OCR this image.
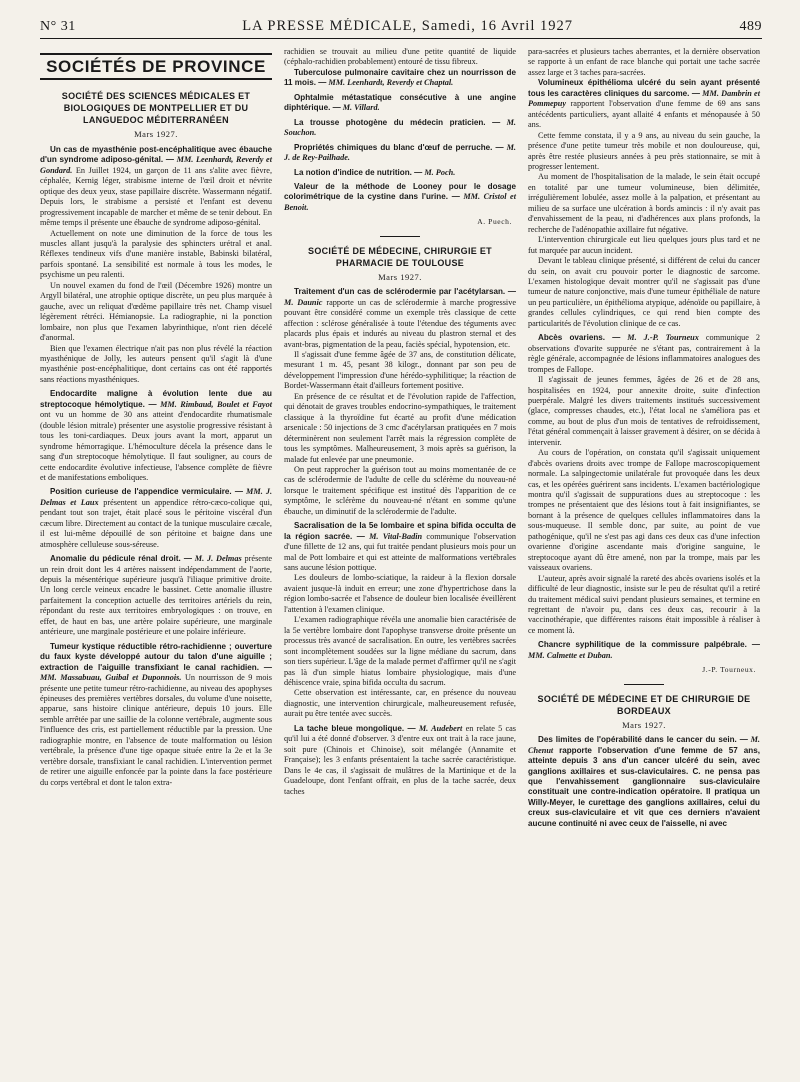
N° 31	LA PRESSE MÉDICALE, Samedi, 16 Avril 1927	489
SOCIÉTÉS DE PROVINCE
SOCIÉTÉ DES SCIENCES MÉDICALES ET BIOLOGIQUES DE MONTPELLIER ET DU LANGUEDOC MÉDITERRANÉEN
Mars 1927.

Un cas de myasthénie post-encéphalitique avec ébauche d'un syndrome adiposo-génital. — MM. Leenhardt, Reverdy et Gondard. En Juillet 1924, un garçon de 11 ans s'alite avec fièvre, céphalée, Kernig léger, strabisme interne de l'œil droit et névrite optique des deux yeux, stase papillaire discrète. Wassermann négatif. Depuis lors, le strabisme a persisté et l'enfant est devenu progressivement incapable de marcher et même de se tenir debout. En même temps il présente une ébauche de syndrome adiposo-génital.

Actuellement on note une diminution de la force de tous les muscles allant jusqu'à la paralysie des sphincters urétral et anal. Réflexes tendineux vifs d'une manière instable, Babinski bilatéral, parfois spontané. La sensibilité est normale à tous les modes, le psychisme un peu ralenti.

Un nouvel examen du fond de l'œil (Décembre 1926) montre un Argyll bilatéral, une atrophie optique discrète, un peu plus marquée à gauche, avec un reliquat d'œdème papillaire très net. Champ visuel légèrement rétréci. Hémianopsie. La radiographie, ni la ponction lombaire, non plus que l'examen labyrinthique, n'ont rien décelé d'anormal.

Bien que l'examen électrique n'ait pas non plus révélé la réaction myasthénique de Jolly, les auteurs pensent qu'il s'agit là d'une myasthénie post-encéphalitique, dont certains cas ont été rapportés sans réactions myasthéniques.

Endocardite maligne à évolution lente due au streptocoque hémolytique. — MM. Rimbaud, Boulet et Fayot ont vu un homme de 30 ans atteint d'endocardite rhumatismale (double lésion mitrale) présenter une asystolie progressive résistant à tous les toni-cardiaques. Deux jours avant la mort, apparut un syndrome hémorragique. L'hémoculture décela la présence dans le sang d'un streptocoque hémolytique. Il faut souligner, au cours de cette endocardite évolutive infectieuse, l'absence complète de fièvre et de manifestations emboliques.

Position curieuse de l'appendice vermiculaire. — MM. J. Delmas et Laux présentent un appendice rétro-cæco-colique qui, pendant tout son trajet, était placé sous le péritoine viscéral d'un cæcum libre. Directement au contact de la tunique musculaire cæcale, il est lui-même dépouillé de son péritoine et baigne dans une atmosphère celluleuse sous-séreuse.

Anomalie du pédicule rénal droit. — M. J. Delmas présente un rein droit dont les 4 artères naissent indépendamment de l'aorte, depuis la mésentérique supérieure jusqu'à l'iliaque primitive droite. Un long cercle veineux encadre le bassinet. Cette anomalie illustre parfaitement la conception actuelle des territoires artériels du rein, répondant du reste aux territoires embryologiques : on trouve, en effet, de haut en bas, une artère polaire supérieure, une marginale antérieure, une marginale postérieure et une polaire inférieure.

Tumeur kystique réductible rétro-rachidienne ; ouverture du faux kyste développé autour du talon d'une aiguille ; extraction de l'aiguille transfixiant le canal rachidien. — MM. Massabuau, Guibal et Duponnois. Un nourrisson de 9 mois présente une petite tumeur rétro-rachidienne, au niveau des apophyses épineuses des premières vertèbres dorsales, du volume d'une noisette, apparue, sans histoire clinique antérieure, depuis 10 jours. Elle semble arrêtée par une saillie de la colonne vertébrale, augmente sous l'influence des cris, est partiellement réductible par la pression. Une radiographie montre, en l'absence de toute malformation ou lésion vertébrale, la présence d'une tige opaque située entre la 2e et la 3e vertèbre dorsale, transfixiant le canal rachidien. L'intervention permet de retirer une aiguille enfoncée par la pointe dans la face postérieure du corps vertébral et dont le talon extra-

rachidien se trouvait au milieu d'une petite quantité de liquide (céphalo-rachidien probablement) entouré de tissu fibreux.

Tuberculose pulmonaire cavitaire chez un nourrisson de 11 mois. — MM. Leenhardt, Reverdy et Chaptal.

Ophtalmie métastatique consécutive à une angine diphtérique. — M. Villard.

La trousse photogène du médecin praticien. — M. Souchon.

Propriétés chimiques du blanc d'œuf de perruche. — M. J. de Rey-Pailhade.

La notion d'indice de nutrition. — M. Poch.

Valeur de la méthode de Looney pour le dosage colorimétrique de la cystine dans l'urine. — MM. Cristol et Benoit.

A. Puech.
SOCIÉTÉ DE MÉDECINE, CHIRURGIE ET PHARMACIE DE TOULOUSE
Mars 1927.

Traitement d'un cas de sclérodermie par l'acétylarsan. — M. Daunic rapporte un cas de sclérodermie à marche progressive pouvant être considéré comme un exemple très classique de cette affection : sclérose généralisée à toute l'étendue des téguments avec placards plus épais et indurés au niveau du plastron sternal et des avant-bras, pigmentation de la peau, faciès spécial, hypotension, etc.

Il s'agissait d'une femme âgée de 37 ans, de constitution délicate, mesurant 1 m. 45, pesant 38 kilogr., donnant par son peu de développement l'impression d'une hérédo-syphilitique; la réaction de Bordet-Wassermann était d'ailleurs fortement positive.

En présence de ce résultat et de l'évolution rapide de l'affection, qui dénotait de graves troubles endocrino-sympathiques, le traitement classique à la thyroïdine fut écarté au profit d'une médication arsenicale : 50 injections de 3 cmc d'acétylarsan pratiquées en 7 mois déterminèrent non seulement l'arrêt mais la régression complète de tous les symptômes. Malheureusement, 3 mois après sa guérison, la malade fut enlevée par une pneumonie.

On peut rapprocher la guérison tout au moins momentanée de ce cas de sclérodermie de l'adulte de celle du sclérème du nouveau-né lorsque le traitement spécifique est institué dès l'apparition de ce symptôme, le sclérème du nouveau-né n'étant en somme qu'une ébauche, un diminutif de la sclérodermie de l'adulte.

Sacralisation de la 5e lombaire et spina bifida occulta de la région sacrée. — M. Vital-Badin communique l'observation d'une fillette de 12 ans, qui fut traitée pendant plusieurs mois pour un mal de Pott lombaire et qui est atteinte de malformations vertébrales sans aucune lésion pottique.

Les douleurs de lombo-sciatique, la raideur à la flexion dorsale avaient jusque-là induit en erreur; une zone d'hypertrichose dans la région lombo-sacrée et l'absence de douleur bien localisée éveillèrent l'attention à l'examen clinique.

L'examen radiographique révéla une anomalie bien caractérisée de la 5e vertèbre lombaire dont l'apophyse transverse droite présente un processus très avancé de sacralisation. En outre, les vertèbres sacrées sont incomplètement soudées sur la ligne médiane du sacrum, dans son tiers supérieur. L'âge de la malade permet d'affirmer qu'il ne s'agit pas là d'un simple hiatus lombaire physiologique, mais d'une déhiscence vraie, spina bifida occulta du sacrum.

Cette observation est intéressante, car, en présence du nouveau diagnostic, une intervention chirurgicale, malheureusement refusée, aurait pu être tentée avec succès.

La tache bleue mongolique. — M. Audebert en relate 5 cas qu'il lui a été donné d'observer. 3 d'entre eux ont trait à la race jaune, soit pure (Chinois et Chinoise), soit mélangée (Annamite et Française); les 3 enfants présentaient la tache sacrée caractéristique. Dans le 4e cas, il s'agissait de mulâtres de la Martinique et de la Guadeloupe, dont l'enfant offrait, en plus de la tache sacrée, deux taches

para-sacrées et plusieurs taches aberrantes, et la dernière observation se rapporte à un enfant de race blanche qui portait une tache sacrée assez large et 3 taches para-sacrées.

Volumineux épithélioma ulcéré du sein ayant présenté tous les caractères cliniques du sarcome. — MM. Dambrin et Pommepuy rapportent l'observation d'une femme de 69 ans sans antécédents particuliers, ayant allaité 4 enfants et ménopausée à 50 ans.

Cette femme constata, il y a 9 ans, au niveau du sein gauche, la présence d'une petite tumeur très mobile et non douloureuse, qui, après être restée plusieurs années à peu près stationnaire, se mit à progresser lentement.

Au moment de l'hospitalisation de la malade, le sein était occupé en totalité par une tumeur volumineuse, bien délimitée, irrégulièrement lobulée, assez molle à la palpation, et présentant au milieu de sa surface une ulcération à bords amincis : il n'y avait pas d'envahissement de la peau, ni d'adhérences aux plans profonds, la recherche de l'adénopathie axillaire fut négative.

L'intervention chirurgicale eut lieu quelques jours plus tard et ne fut marquée par aucun incident.

Devant le tableau clinique présenté, si différent de celui du cancer du sein, on avait cru pouvoir porter le diagnostic de sarcome. L'examen histologique devait montrer qu'il ne s'agissait pas d'une tumeur de nature conjonctive, mais d'une tumeur épithéliale de nature un peu particulière, un épithélioma atypique, adénoïde ou papillaire, à grandes cellules cylindriques, ce qui rend bien compte des particularités de l'évolution clinique de ce cas.

Abcès ovariens. — M. J.-P. Tourneux communique 2 observations d'ovarite suppurée ne s'étant pas, contrairement à la règle générale, accompagnée de lésions inflammatoires analogues des trompes de Fallope.

Il s'agissait de jeunes femmes, âgées de 26 et de 28 ans, hospitalisées en 1924, pour annexite droite, suite d'infection puerpérale. Malgré les divers traitements institués successivement (glace, compresses chaudes, etc.), l'état local ne s'améliora pas et comme, au bout de plus d'un mois de tentatives de refroidissement, l'état général commençait à laisser gravement à désirer, on se décida à intervenir.

Au cours de l'opération, on constata qu'il s'agissait uniquement d'abcès ovariens droits avec trompe de Fallope macroscopiquement normale. La salpingectomie unilatérale fut provoquée dans les deux cas, et les opérées guérirent sans incidents. L'examen bactériologique montra qu'il s'agissait de suppurations dues au streptocoque : les trompes ne présentaient que des lésions tout à fait insignifiantes, se bornant à la présence de quelques cellules inflammatoires dans la sous-muqueuse. Il semble donc, par suite, au point de vue pathogénique, qu'il ne s'est pas agi dans ces deux cas d'une infection ovarienne d'origine ascendante mais d'origine sanguine, le streptocoque ayant dû être amené, non par la trompe, mais par les vaisseaux ovariens.

L'auteur, après avoir signalé la rareté des abcès ovariens isolés et la difficulté de leur diagnostic, insiste sur le peu de résultat qu'il a retiré du traitement médical suivi pendant plusieurs semaines, et termine en regrettant de n'avoir pu, dans ces deux cas, recourir à la vaccinothérapie, que différentes raisons était impossible à réaliser à ce moment là.

Chancre syphilitique de la commissure palpébrale. — MM. Calmette et Duban.

J.-P. Tourneux.
SOCIÉTÉ DE MÉDECINE ET DE CHIRURGIE DE BORDEAUX
Mars 1927.

Des limites de l'opérabilité dans le cancer du sein. — M. Chenut rapporte l'observation d'une femme de 57 ans, atteinte depuis 3 ans d'un cancer ulcéré du sein, avec ganglions axillaires et sus-claviculaires. C. ne pensa pas que l'envahissement ganglionnaire sus-claviculaire constituait une contre-indication opératoire. Il pratiqua un Willy-Meyer, le curettage des ganglions axillaires, celui du creux sus-claviculaire et vit que ces derniers n'avaient aucune continuité ni avec ceux de l'aisselle, ni avec
